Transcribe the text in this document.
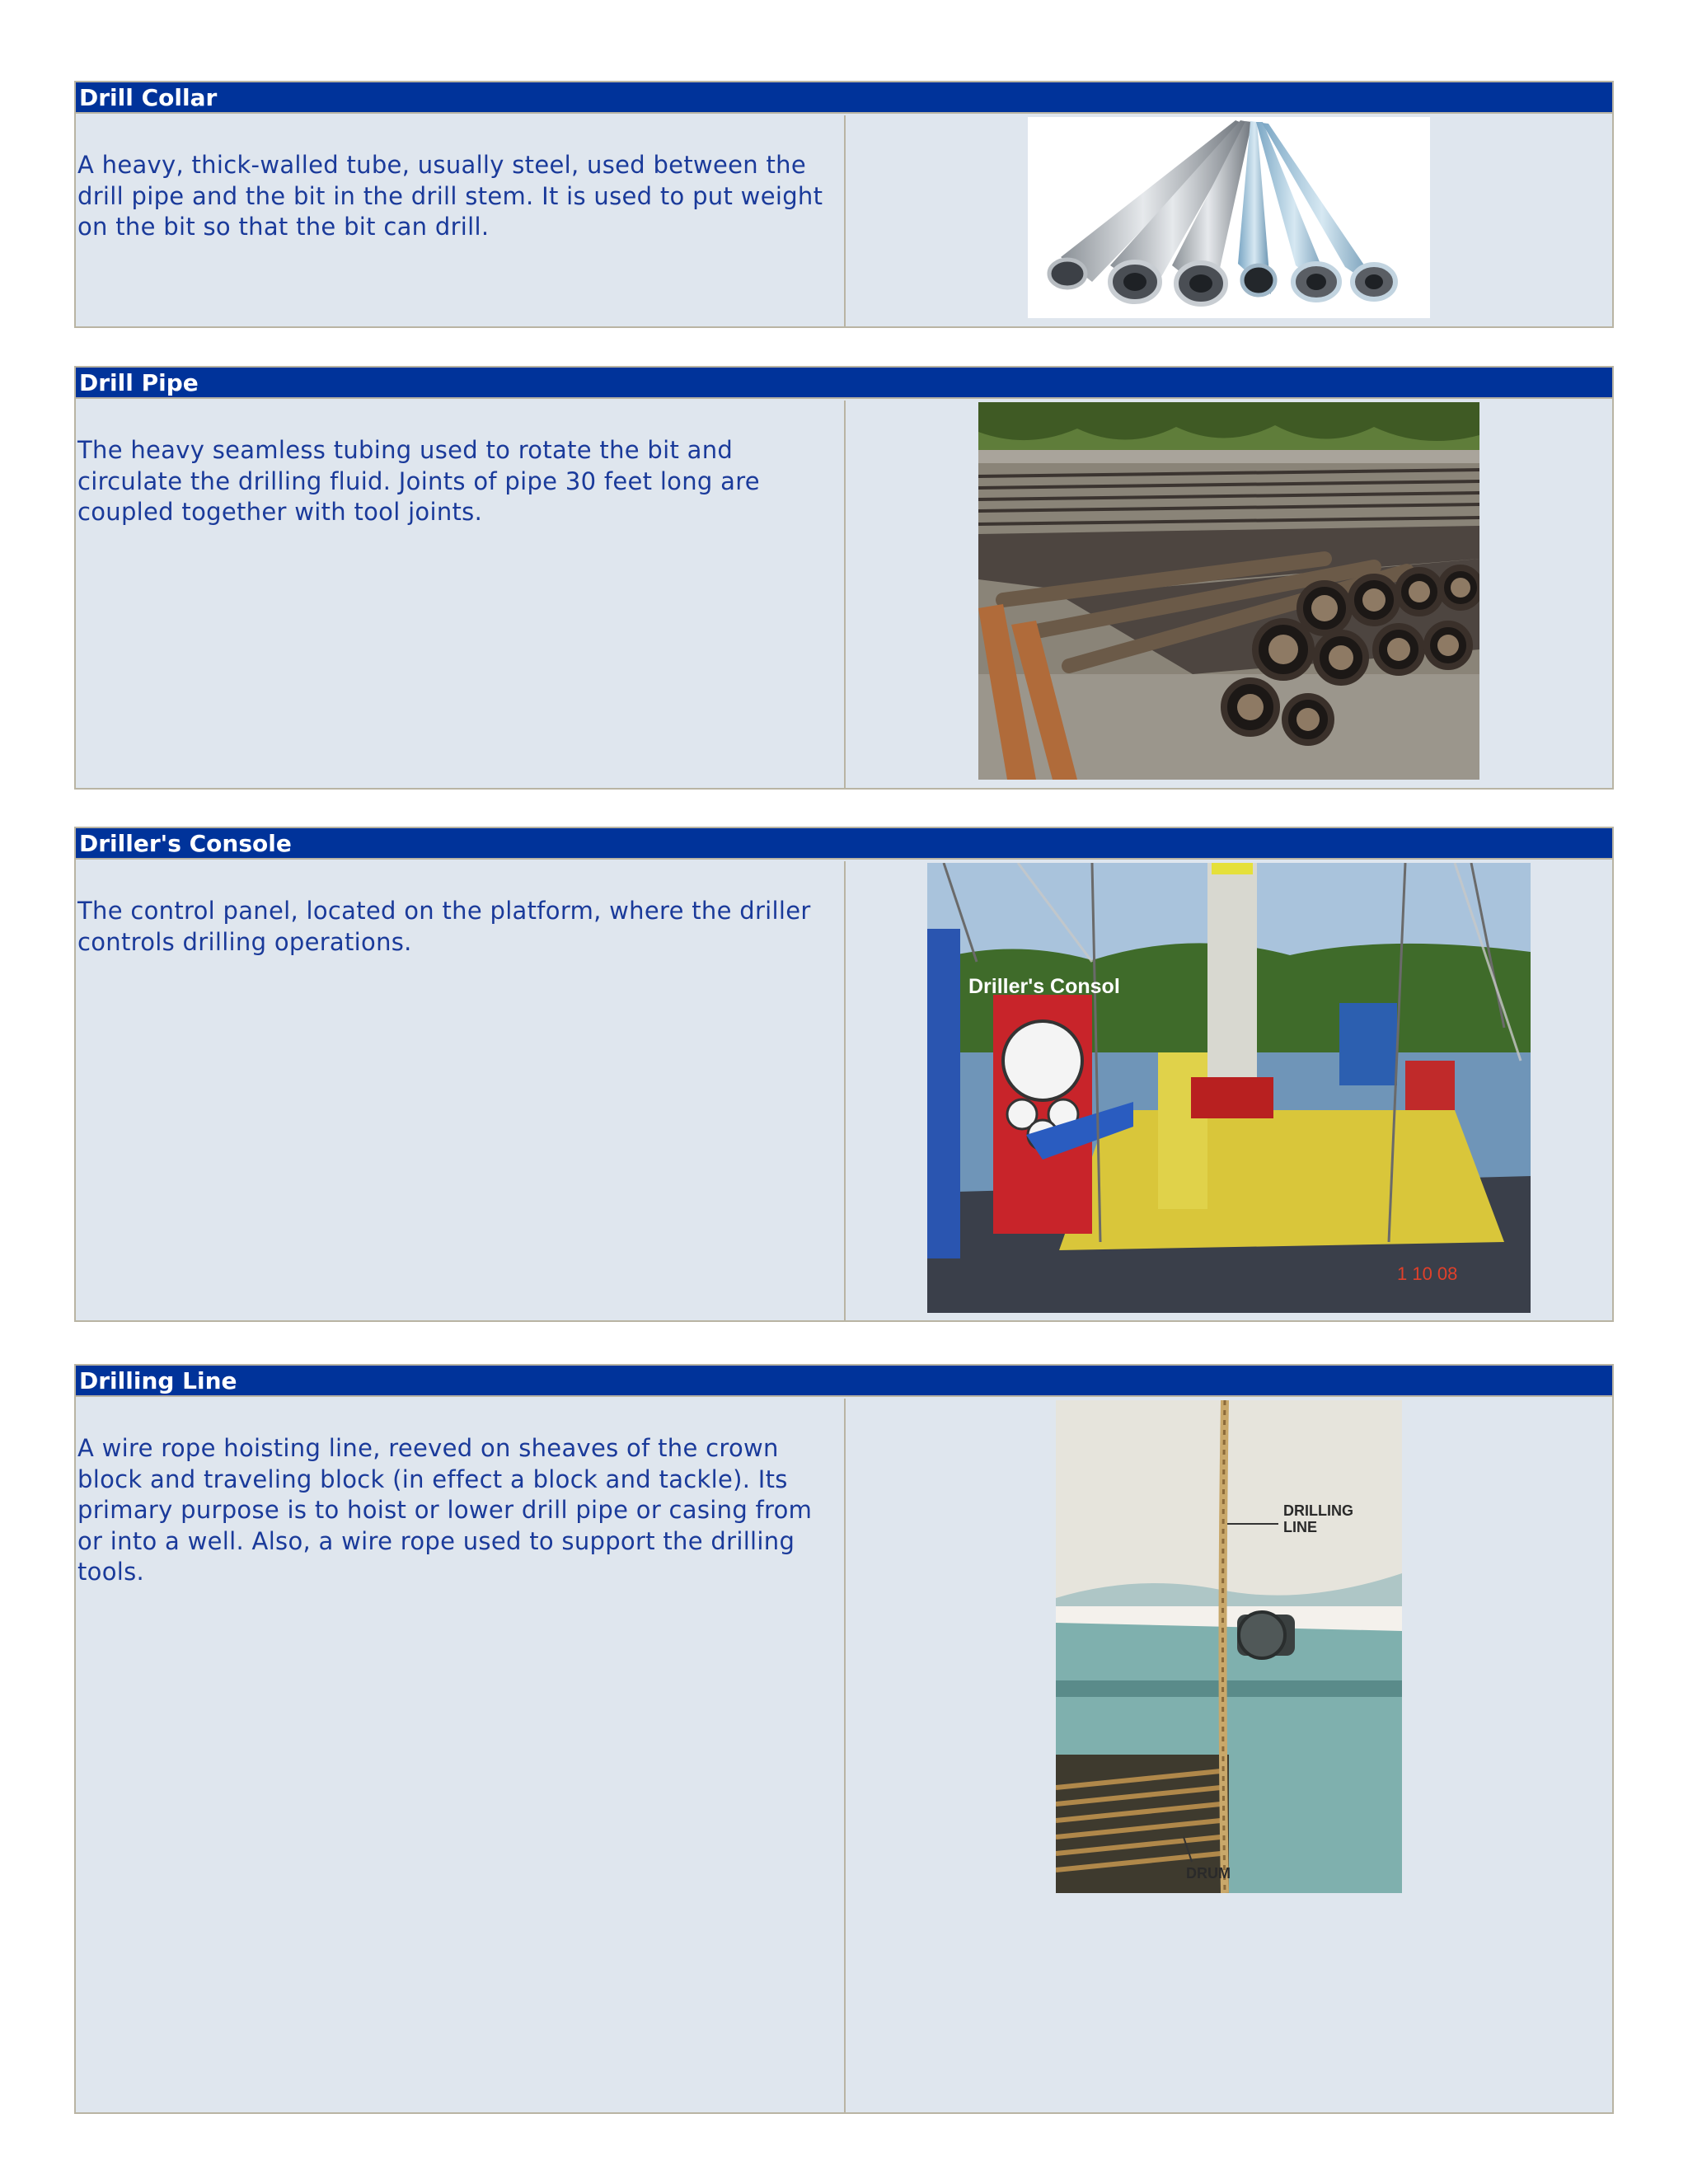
Drill Collar
A heavy, thick-walled tube, usually steel, used between the drill pipe and the bit in the drill stem. It is used to put weight on the bit so that the bit can drill.
Drill Pipe
The heavy seamless tubing used to rotate the bit and circulate the drilling fluid. Joints of pipe 30 feet long are coupled together with tool joints.
Driller's Console
The control panel, located on the platform, where the driller controls drilling operations.
Driller's Consol
1 10 08
Drilling Line
A wire rope hoisting line, reeved on sheaves of the crown block and traveling block (in effect a block and tackle). Its primary purpose is to hoist or lower drill pipe or casing from or into a well. Also, a wire rope used to support the drilling tools.
DRILLING
LINE
DRUM
